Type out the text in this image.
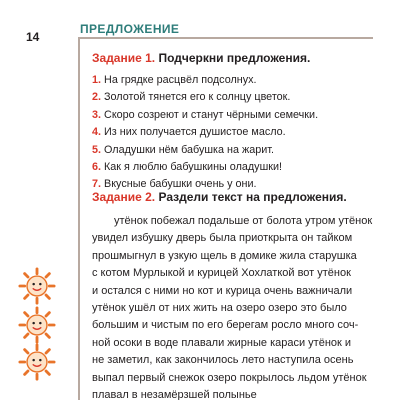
14
ПРЕДЛОЖЕНИЕ
Задание 1. Подчеркни предложения.
1. На грядке расцвёл подсолнух.
2. Золотой тянется его к солнцу цветок.
3. Скоро созреют и станут чёрными семечки.
4. Из них получается душистое масло.
5. Оладушки нём бабушка на жарит.
6. Как я люблю бабушкины оладушки!
7. Вкусные бабушки очень у они.
Задание 2. Раздели текст на предложения.
утёнок побежал подальше от болота утром утёнок
увидел избушку дверь была приоткрыта он тайком
прошмыгнул в узкую щель в домике жила старушка
с котом Мурлыкой и курицей Хохлаткой вот утёнок
и остался с ними но кот и курица очень важничали
утёнок ушёл от них жить на озеро озеро это было
большим и чистым по его берегам росло много соч-
ной осоки в воде плавали жирные караси утёнок и
не заметил, как закончилось лето наступила осень
выпал первый снежок озеро покрылось льдом утёнок
плавал в незамёрзшей полынье
